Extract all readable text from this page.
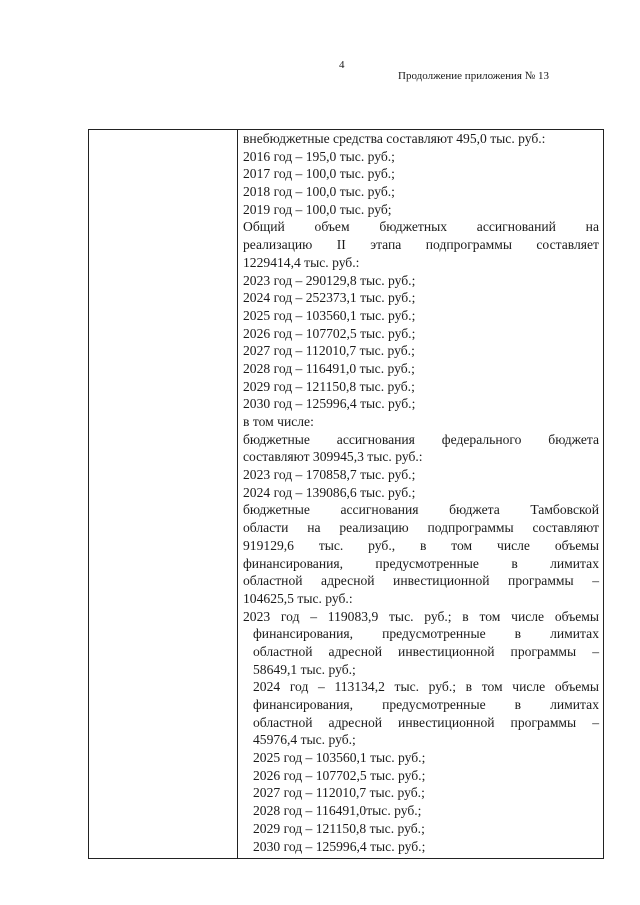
4
Продолжение приложения № 13
внебюджетные средства составляют 495,0 тыс. руб.:
2016 год – 195,0 тыс. руб.;
2017 год – 100,0 тыс. руб.;
2018 год – 100,0 тыс. руб.;
2019 год – 100,0 тыс. руб;
Общий объем бюджетных ассигнований на
реализацию II этапа подпрограммы составляет
1229414,4 тыс. руб.:
2023 год – 290129,8 тыс. руб.;
2024 год – 252373,1 тыс. руб.;
2025 год – 103560,1 тыс. руб.;
2026 год – 107702,5 тыс. руб.;
2027 год – 112010,7 тыс. руб.;
2028 год – 116491,0 тыс. руб.;
2029 год – 121150,8 тыс. руб.;
2030 год – 125996,4 тыс. руб.;
в том числе:
бюджетные ассигнования федерального бюджета
составляют 309945,3 тыс. руб.:
2023 год – 170858,7 тыс. руб.;
2024 год – 139086,6 тыс. руб.;
бюджетные ассигнования бюджета Тамбовской
области на реализацию подпрограммы составляют
919129,6 тыс. руб., в том числе объемы
финансирования, предусмотренные в лимитах
областной адресной инвестиционной программы –
104625,5 тыс. руб.:
2023 год – 119083,9 тыс. руб.; в том числе объемы
финансирования, предусмотренные в лимитах
областной адресной инвестиционной программы –
58649,1 тыс. руб.;
2024 год – 113134,2 тыс. руб.; в том числе объемы
финансирования, предусмотренные в лимитах
областной адресной инвестиционной программы –
45976,4 тыс. руб.;
2025 год – 103560,1 тыс. руб.;
2026 год – 107702,5 тыс. руб.;
2027 год – 112010,7 тыс. руб.;
2028 год – 116491,0тыс. руб.;
2029 год – 121150,8 тыс. руб.;
2030 год – 125996,4 тыс. руб.;
